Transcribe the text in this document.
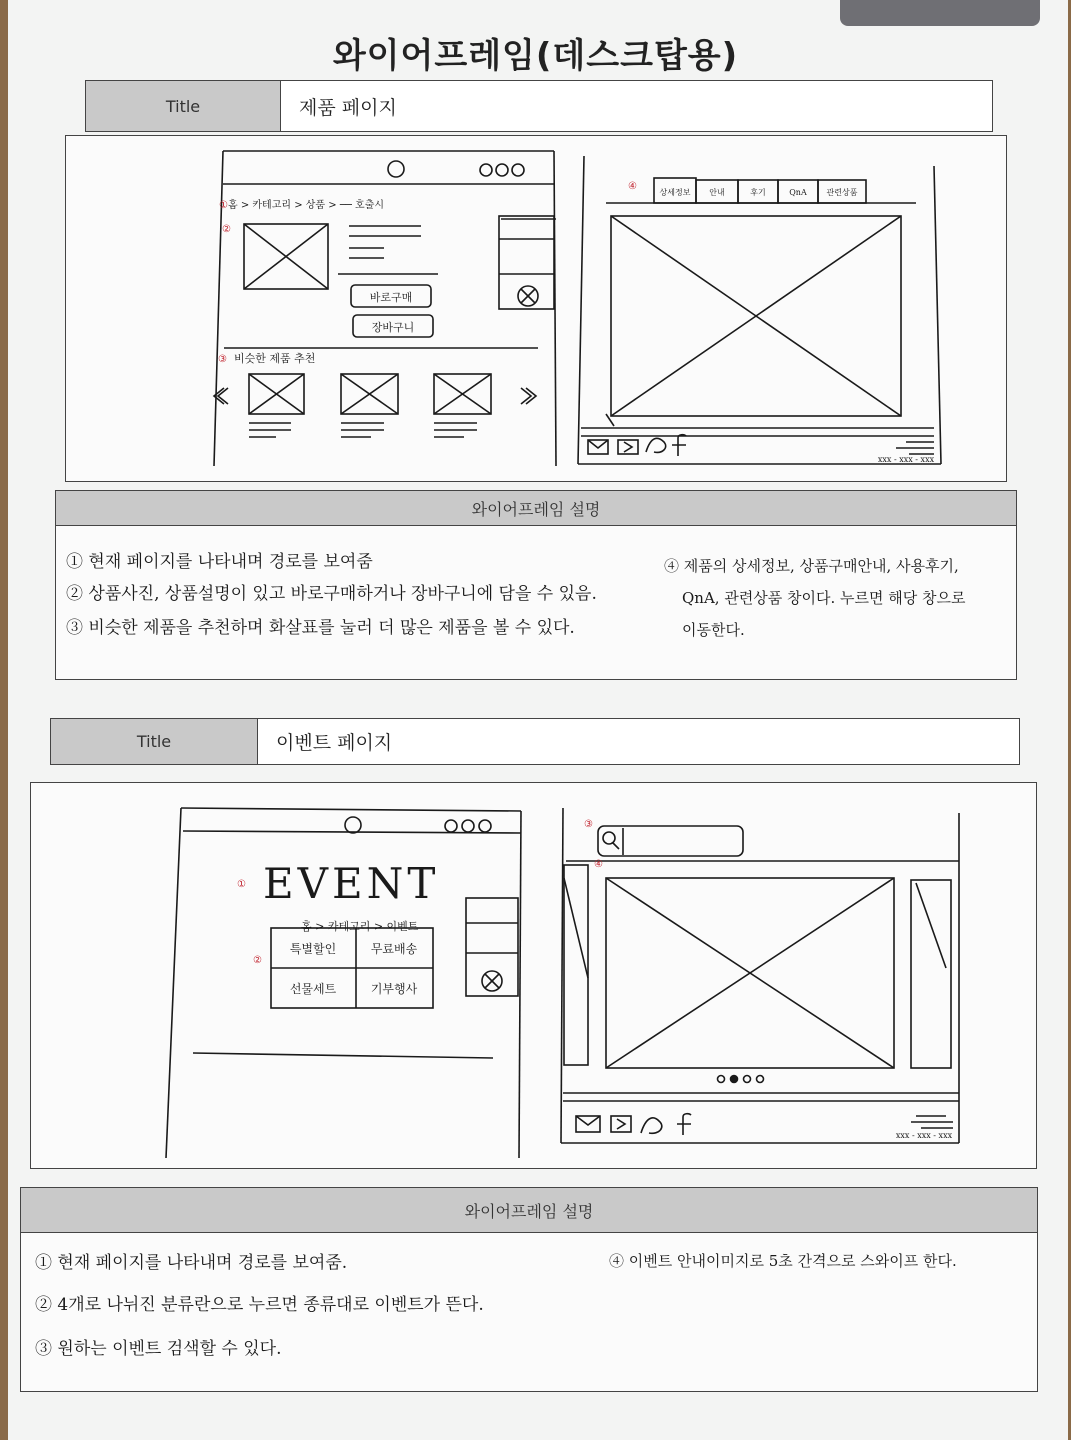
와이어프레임(데스크탑용)
Title	제품 페이지
홈 > 카테고리 > 상품 > ── 호출시
바로구매
장바구니
비슷한 제품 추천
상세정보 안내	후기	QnA 관련상품
xxx - xxx - xxx
①
②
③
④
와이어프레임 설명
① 현재 페이지를 나타내며 경로를 보여줌
② 상품사진, 상품설명이 있고 바로구매하거나 장바구니에 담을 수 있음.
③ 비슷한 제품을 추천하며 화살표를 눌러 더 많은 제품을 볼 수 있다.
④ 제품의 상세정보, 상품구매안내, 사용후기,
QnA, 관련상품 창이다. 누르면 해당 창으로
이동한다.
Title	이벤트 페이지
EVENT
홈 > 카테고리 > 이벤트
특별할인	무료배송
선물세트	기부행사
xxx - xxx - xxx
①
②
③
④
와이어프레임 설명
① 현재 페이지를 나타내며 경로를 보여줌.
② 4개로 나뉘진 분류란으로 누르면 종류대로 이벤트가 뜬다.
③ 원하는 이벤트 검색할 수 있다.
④ 이벤트 안내이미지로 5초 간격으로 스와이프 한다.
